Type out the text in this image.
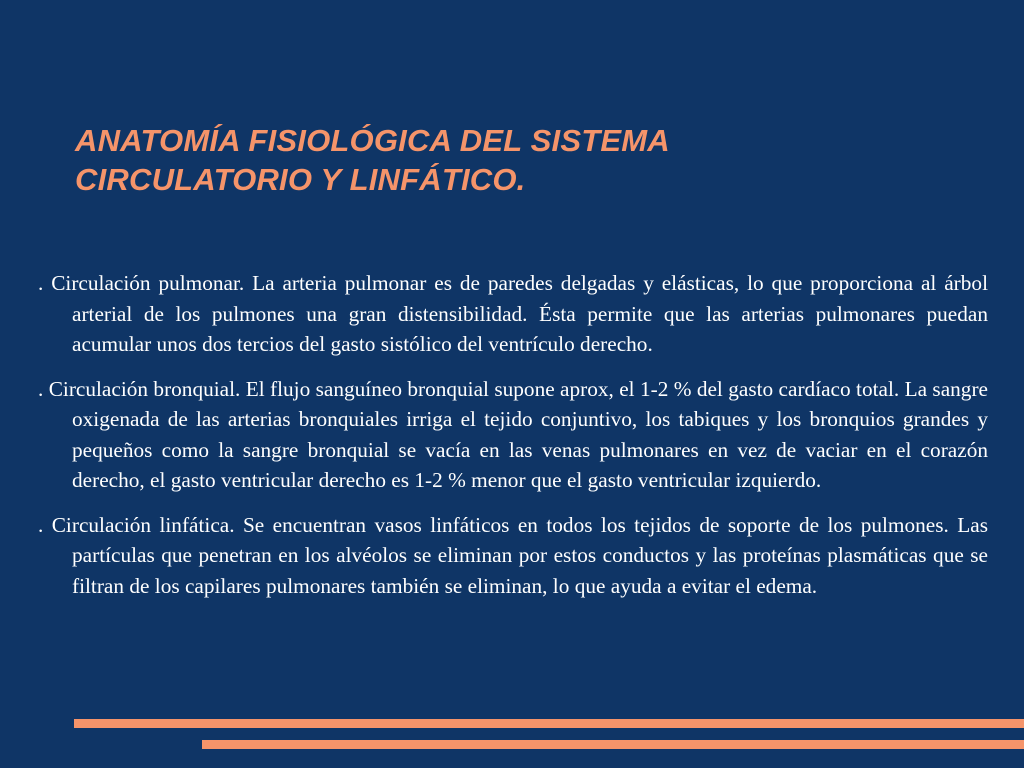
ANATOMÍA FISIOLÓGICA DEL SISTEMA
CIRCULATORIO Y LINFÁTICO.

. Circulación pulmonar. La arteria pulmonar es de paredes delgadas y elásticas, lo que proporciona al árbol arterial de los pulmones una gran distensibilidad. Ésta permite que las arterias pulmonares puedan acumular unos dos tercios del gasto sistólico del ventrículo derecho.

. Circulación bronquial. El flujo sanguíneo bronquial supone aprox, el 1-2 % del gasto cardíaco total. La sangre oxigenada de las arterias bronquiales irriga el tejido conjuntivo, los tabiques y los bronquios grandes y pequeños como la sangre bronquial se vacía en las venas pulmonares en vez de vaciar en el corazón derecho, el gasto ventricular derecho es 1-2 % menor que el gasto ventricular izquierdo.

. Circulación linfática. Se encuentran vasos linfáticos en todos los tejidos de soporte de los pulmones. Las partículas que penetran en los alvéolos se eliminan por estos conductos y las proteínas plasmáticas que se filtran de los capilares pulmonares también se eliminan, lo que ayuda a evitar el edema.
